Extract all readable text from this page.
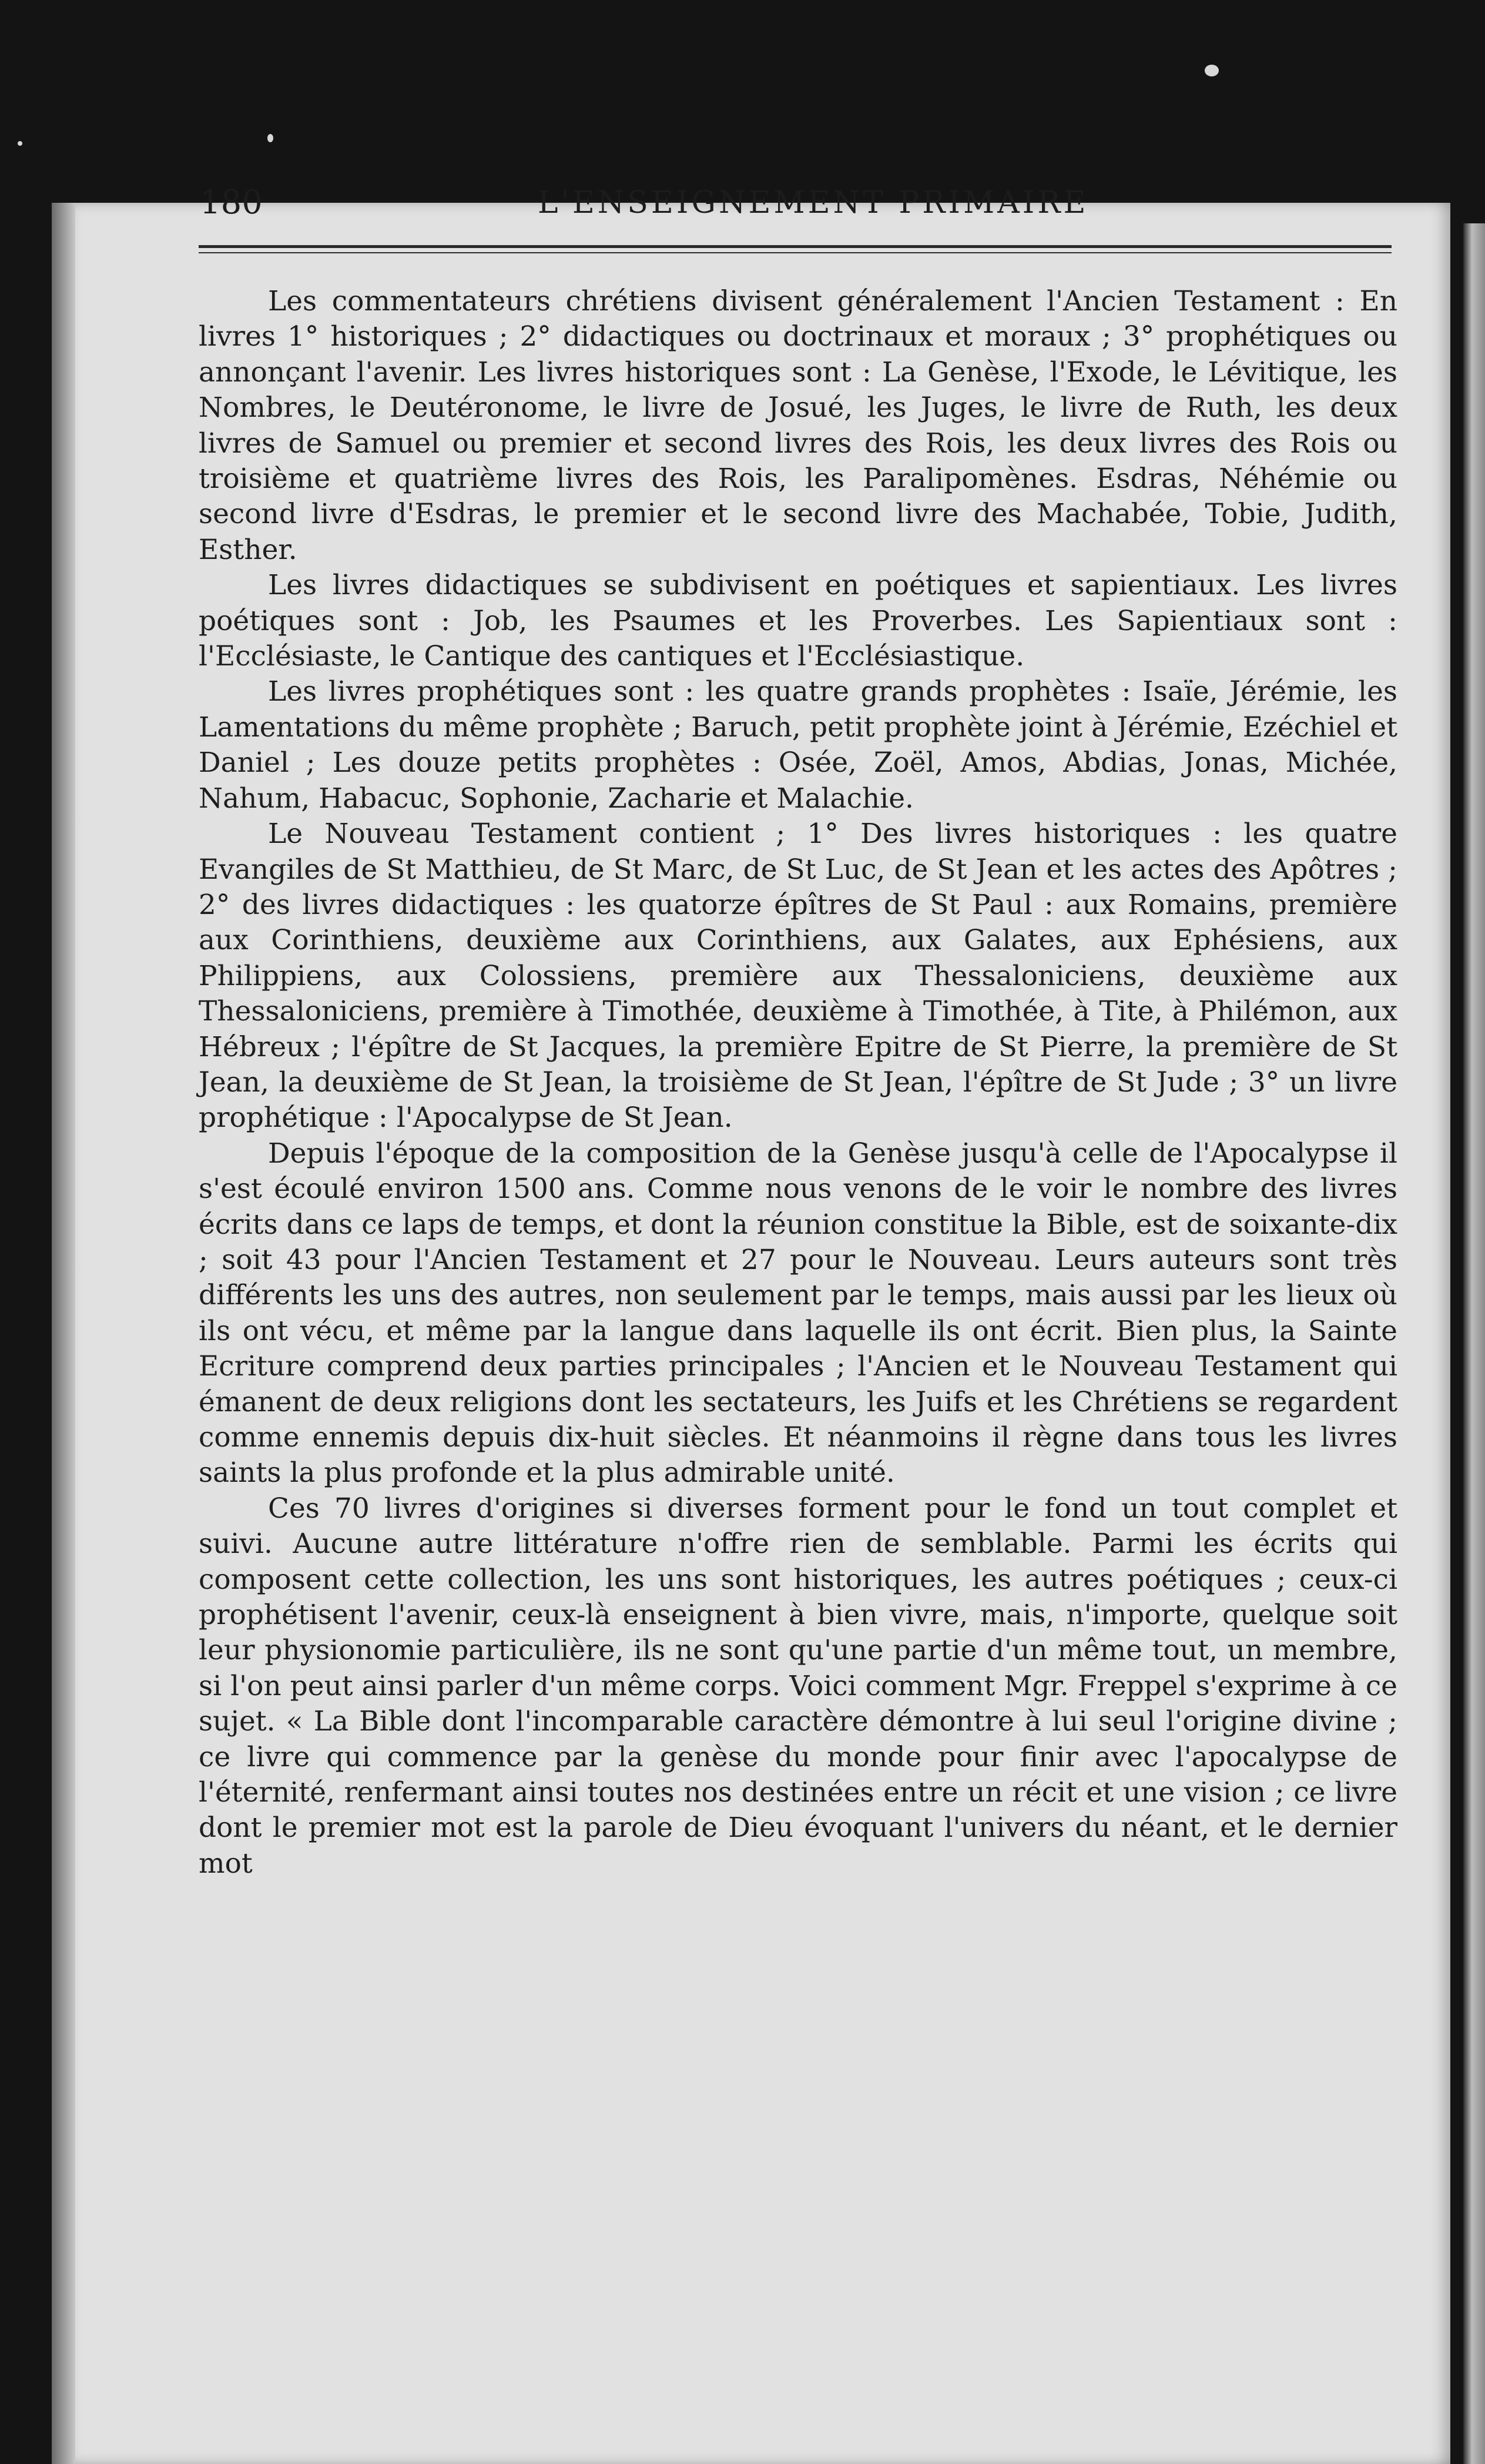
180	L'ENSEIGNEMENT PRIMAIRE

Les commentateurs chrétiens divisent généralement l'Ancien Testament : En livres 1° historiques ; 2° didactiques ou doctrinaux et moraux ; 3° prophétiques ou annonçant l'avenir. Les livres historiques sont : La Genèse, l'Exode, le Lévitique, les Nombres, le Deutéronome, le livre de Josué, les Juges, le livre de Ruth, les deux livres de Samuel ou premier et second livres des Rois, les deux livres des Rois ou troisième et quatrième livres des Rois, les Paralipomènes. Esdras, Néhémie ou second livre d'Esdras, le premier et le second livre des Machabée, Tobie, Judith, Esther.

Les livres didactiques se subdivisent en poétiques et sapientiaux. Les livres poétiques sont : Job, les Psaumes et les Proverbes. Les Sapientiaux sont : l'Ecclésiaste, le Cantique des cantiques et l'Ecclésiastique.

Les livres prophétiques sont : les quatre grands prophètes : Isaïe, Jérémie, les Lamentations du même prophète ; Baruch, petit prophète joint à Jérémie, Ezéchiel et Daniel ; Les douze petits prophètes : Osée, Zoël, Amos, Abdias, Jonas, Michée, Nahum, Habacuc, Sophonie, Zacharie et Malachie.

Le Nouveau Testament contient ; 1° Des livres historiques : les quatre Evangiles de St Matthieu, de St Marc, de St Luc, de St Jean et les actes des Apôtres ; 2° des livres didactiques : les quatorze épîtres de St Paul : aux Romains, première aux Corinthiens, deuxième aux Corinthiens, aux Galates, aux Ephésiens, aux Philippiens, aux Colossiens, première aux Thessaloniciens, deuxième aux Thessaloniciens, première à Timothée, deuxième à Timothée, à Tite, à Philémon, aux Hébreux ; l'épître de St Jacques, la première Epitre de St Pierre, la première de St Jean, la deuxième de St Jean, la troisième de St Jean, l'épître de St Jude ; 3° un livre prophétique : l'Apocalypse de St Jean.

Depuis l'époque de la composition de la Genèse jusqu'à celle de l'Apocalypse il s'est écoulé environ 1500 ans. Comme nous venons de le voir le nombre des livres écrits dans ce laps de temps, et dont la réunion constitue la Bible, est de soixante-dix ; soit 43 pour l'Ancien Testament et 27 pour le Nouveau. Leurs auteurs sont très différents les uns des autres, non seulement par le temps, mais aussi par les lieux où ils ont vécu, et même par la langue dans laquelle ils ont écrit. Bien plus, la Sainte Ecriture comprend deux parties principales ; l'Ancien et le Nouveau Testament qui émanent de deux religions dont les sectateurs, les Juifs et les Chrétiens se regardent comme ennemis depuis dix-huit siècles. Et néanmoins il règne dans tous les livres saints la plus profonde et la plus admirable unité.

Ces 70 livres d'origines si diverses forment pour le fond un tout complet et suivi. Aucune autre littérature n'offre rien de semblable. Parmi les écrits qui composent cette collection, les uns sont historiques, les autres poétiques ; ceux-ci prophétisent l'avenir, ceux-là enseignent à bien vivre, mais, n'importe, quelque soit leur physionomie particulière, ils ne sont qu'une partie d'un même tout, un membre, si l'on peut ainsi parler d'un même corps. Voici comment Mgr. Freppel s'exprime à ce sujet. « La Bible dont l'incomparable caractère démontre à lui seul l'origine divine ; ce livre qui commence par la genèse du monde pour finir avec l'apocalypse de l'éternité, renfermant ainsi toutes nos destinées entre un récit et une vision ; ce livre dont le premier mot est la parole de Dieu évoquant l'univers du néant, et le dernier mot
